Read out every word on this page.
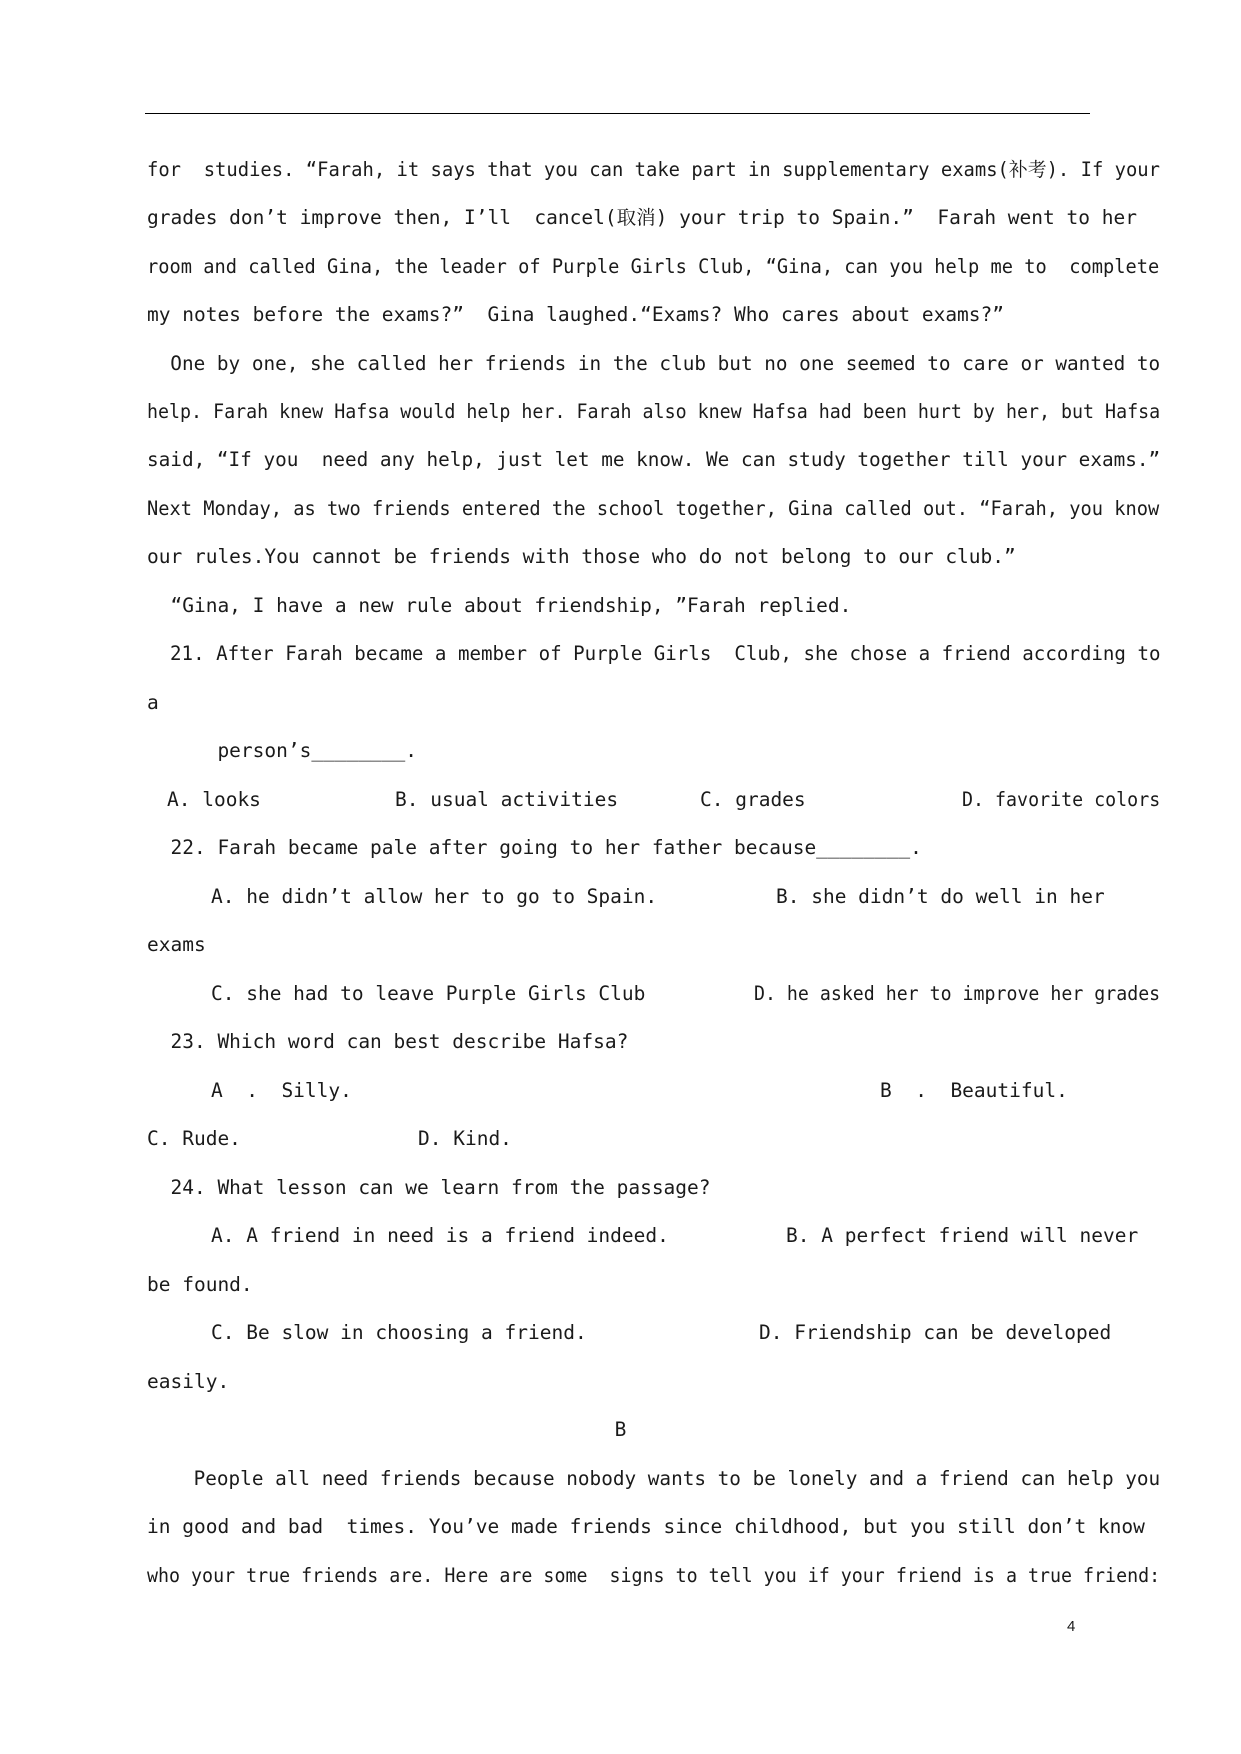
for  studies. “Farah, it says that you can take part in supplementary exams(补考). If your
grades don’t improve then, I’ll  cancel(取消) your trip to Spain.”  Farah went to her
room and called Gina, the leader of Purple Girls Club, “Gina, can you help me to  complete
my notes before the exams?”  Gina laughed.“Exams? Who cares about exams?”
One by one, she called her friends in the club but no one seemed to care or wanted to
help. Farah knew Hafsa would help her. Farah also knew Hafsa had been hurt by her, but Hafsa
said, “If you  need any help, just let me know. We can study together till your exams.”
Next Monday, as two friends entered the school together, Gina called out. “Farah, you know
our rules.You cannot be friends with those who do not belong to our club.”
“Gina, I have a new rule about friendship, ”Farah replied.
21. After Farah became a member of Purple Girls  Club, she chose a friend according to
a
person’s________.
A. looks	B. usual activities	C. grades	D. favorite colors
22. Farah became pale after going to her father because________.
A. he didn’t allow her to go to Spain.	B. she didn’t do well in her
exams
C. she had to leave Purple Girls Club	D. he asked her to improve her grades
23. Which word can best describe Hafsa?
A  .  Silly.	B  .  Beautiful.
C. Rude.	D. Kind.
24. What lesson can we learn from the passage?
A. A friend in need is a friend indeed.	B. A perfect friend will never
be found.
C. Be slow in choosing a friend.	D. Friendship can be developed
easily.
B
People all need friends because nobody wants to be lonely and a friend can help you
in good and bad  times. You’ve made friends since childhood, but you still don’t know
who your true friends are. Here are some  signs to tell you if your friend is a true friend:
4
